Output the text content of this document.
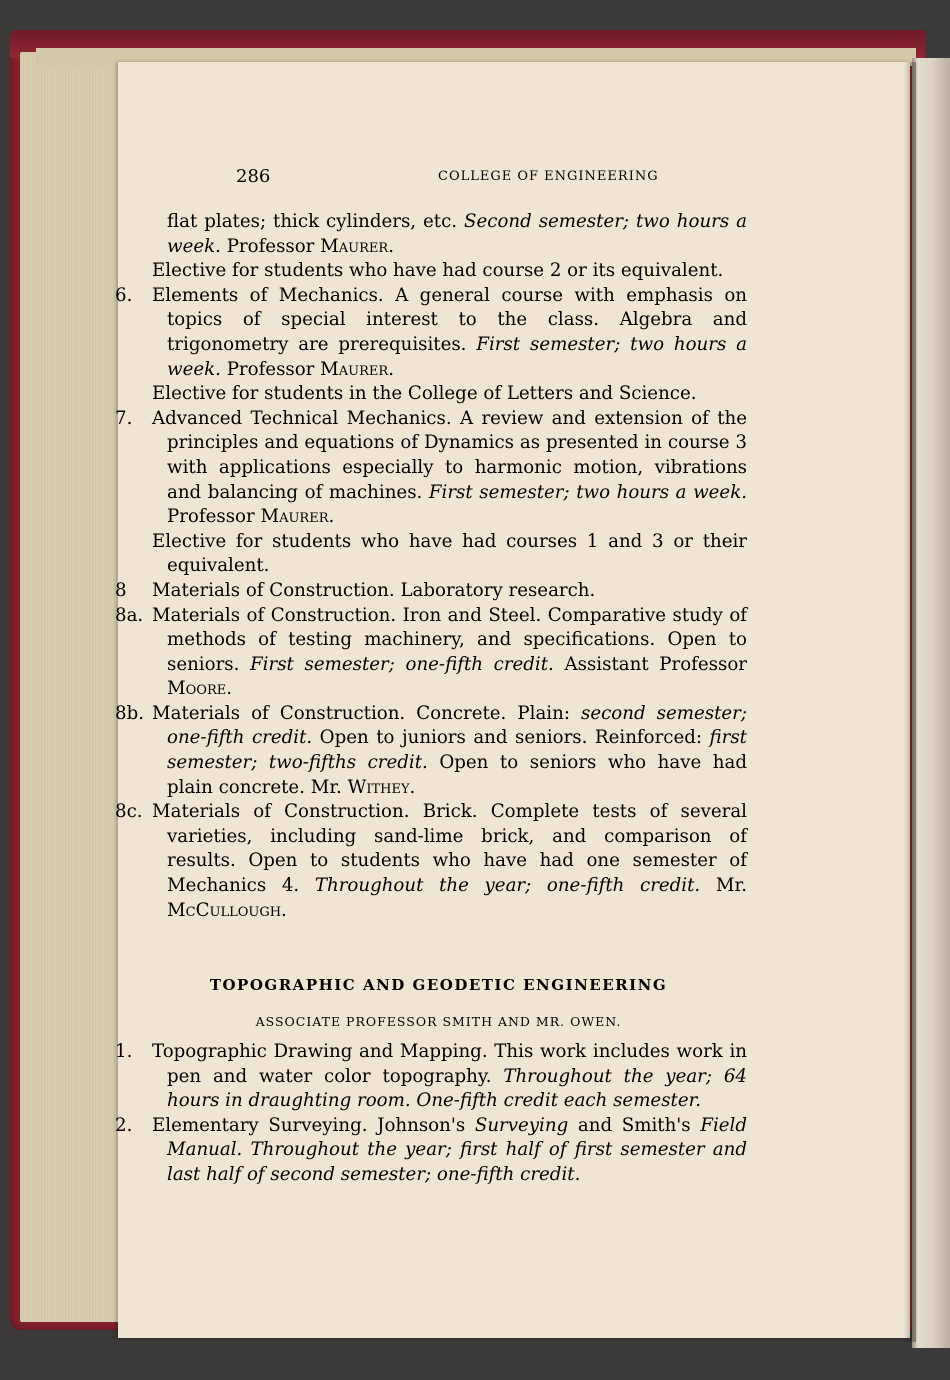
286	COLLEGE OF ENGINEERING
flat plates; thick cylinders, etc. Second semester; two hours a week. Professor Maurer.
Elective for students who have had course 2 or its equivalent.
6. Elements of Mechanics. A general course with emphasis on topics of special interest to the class. Algebra and trigonometry are prerequisites. First semester; two hours a week. Professor Maurer.
Elective for students in the College of Letters and Science.
7. Advanced Technical Mechanics. A review and extension of the principles and equations of Dynamics as presented in course 3 with applications especially to harmonic motion, vibrations and balancing of machines. First semester; two hours a week. Professor Maurer.
Elective for students who have had courses 1 and 3 or their equivalent.
8 Materials of Construction. Laboratory research.
8a. Materials of Construction. Iron and Steel. Comparative study of methods of testing machinery, and specifications. Open to seniors. First semester; one-fifth credit. Assistant Professor Moore.
8b. Materials of Construction. Concrete. Plain: second semester; one-fifth credit. Open to juniors and seniors. Reinforced: first semester; two-fifths credit. Open to seniors who have had plain concrete. Mr. Withey.
8c. Materials of Construction. Brick. Complete tests of several varieties, including sand-lime brick, and comparison of results. Open to students who have had one semester of Mechanics 4. Throughout the year; one-fifth credit. Mr. McCullough.
TOPOGRAPHIC AND GEODETIC ENGINEERING
ASSOCIATE PROFESSOR SMITH AND MR. OWEN.
1. Topographic Drawing and Mapping. This work includes work in pen and water color topography. Throughout the year; 64 hours in draughting room. One-fifth credit each semester.
2. Elementary Surveying. Johnson's Surveying and Smith's Field Manual. Throughout the year; first half of first semester and last half of second semester; one-fifth credit.
